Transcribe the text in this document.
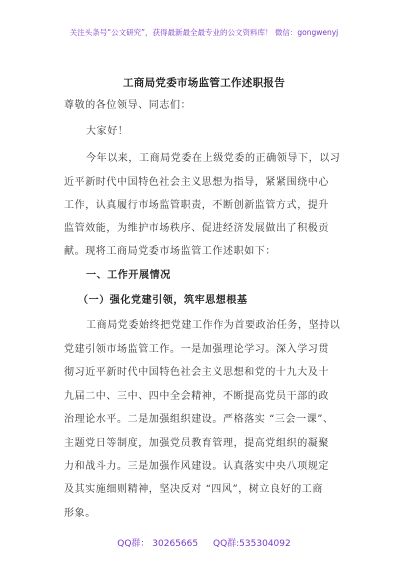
关注头条号“公文研究”，获得最新最全最专业的公文资料库！ 微信：gongwenyj
工商局党委市场监管工作述职报告
尊敬的各位领导、同志们：
大家好！
今年以来，工商局党委在上级党委的正确领导下，以习
近平新时代中国特色社会主义思想为指导，紧紧围绕中心
工作，认真履行市场监管职责，不断创新监管方式，提升
监管效能，为维护市场秩序、促进经济发展做出了积极贡
献。现将工商局党委市场监管工作述职如下：
一、工作开展情况
（一）强化党建引领，筑牢思想根基
工商局党委始终把党建工作作为首要政治任务，坚持以
党建引领市场监管工作。一是加强理论学习。深入学习贯
彻习近平新时代中国特色社会主义思想和党的十九大及十
九届二中、三中、四中全会精神，不断提高党员干部的政
治理论水平。二是加强组织建设。严格落实 “三会一课”、
主题党日等制度，加强党员教育管理，提高党组织的凝聚
力和战斗力。三是加强作风建设。认真落实中央八项规定
及其实施细则精神，坚决反对 “四风”，树立良好的工商
形象。
QQ群： 30265665 QQ群:535304092
